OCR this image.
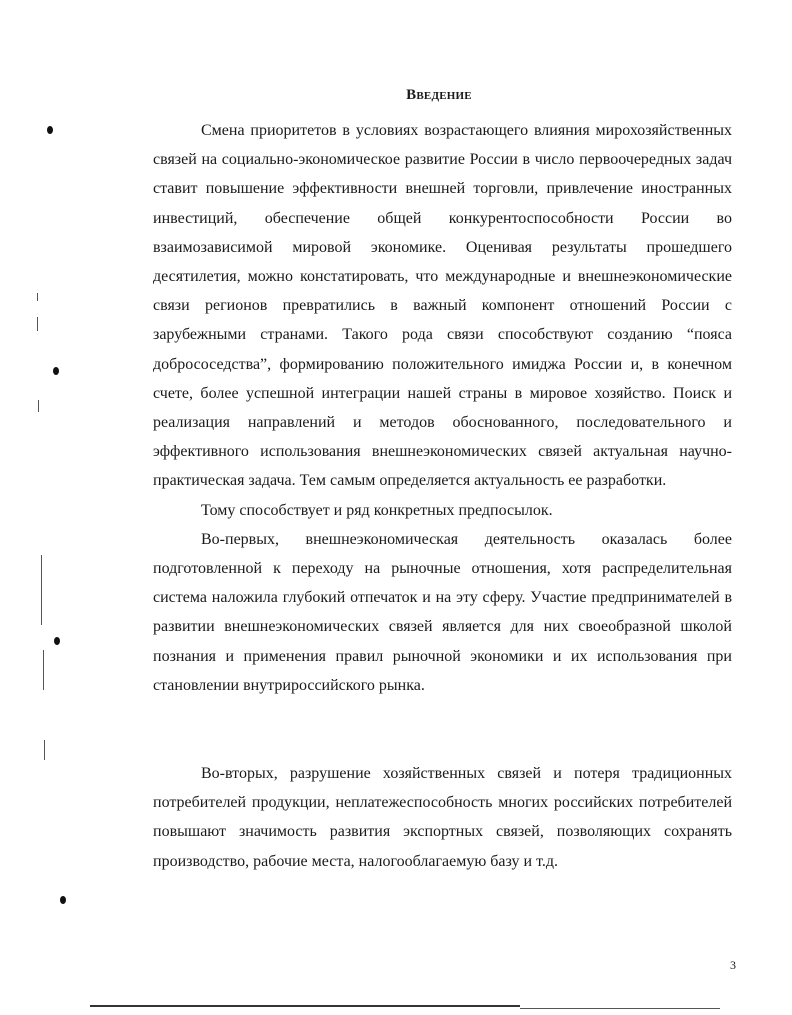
Введение

Смена приоритетов в условиях возрастающего влияния мирохозяйственных связей на социально-экономическое развитие России в число первоочередных задач ставит повышение эффективности внешней торговли, привлечение иностранных инвестиций, обеспечение общей конкурентоспособности России во взаимозависимой мировой экономике. Оценивая результаты прошедшего десятилетия, можно констатировать, что международные и внешнеэкономические связи регионов превратились в важный компонент отношений России с зарубежными странами. Такого рода связи способствуют созданию “пояса добрососедства”, формированию положительного имиджа России и, в конечном счете, более успешной интеграции нашей страны в мировое хозяйство. Поиск и реализация направлений и методов обоснованного, последовательного и эффективного использования внешнеэкономических связей актуальная научно-практическая задача. Тем самым определяется актуальность ее разработки.

Тому способствует и ряд конкретных предпосылок.

Во-первых, внешнеэкономическая деятельность оказалась более подготовленной к переходу на рыночные отношения, хотя распределительная система наложила глубокий отпечаток и на эту сферу. Участие предпринимателей в развитии внешнеэкономических связей является для них своеобразной школой познания и применения правил рыночной экономики и их использования при становлении внутрироссийского рынка.

Во-вторых, разрушение хозяйственных связей и потеря традиционных потребителей продукции, неплатежеспособность многих российских потребителей повышают значимость развития экспортных связей, позволяющих сохранять производство, рабочие места, налогооблагаемую базу и т.д.

3
